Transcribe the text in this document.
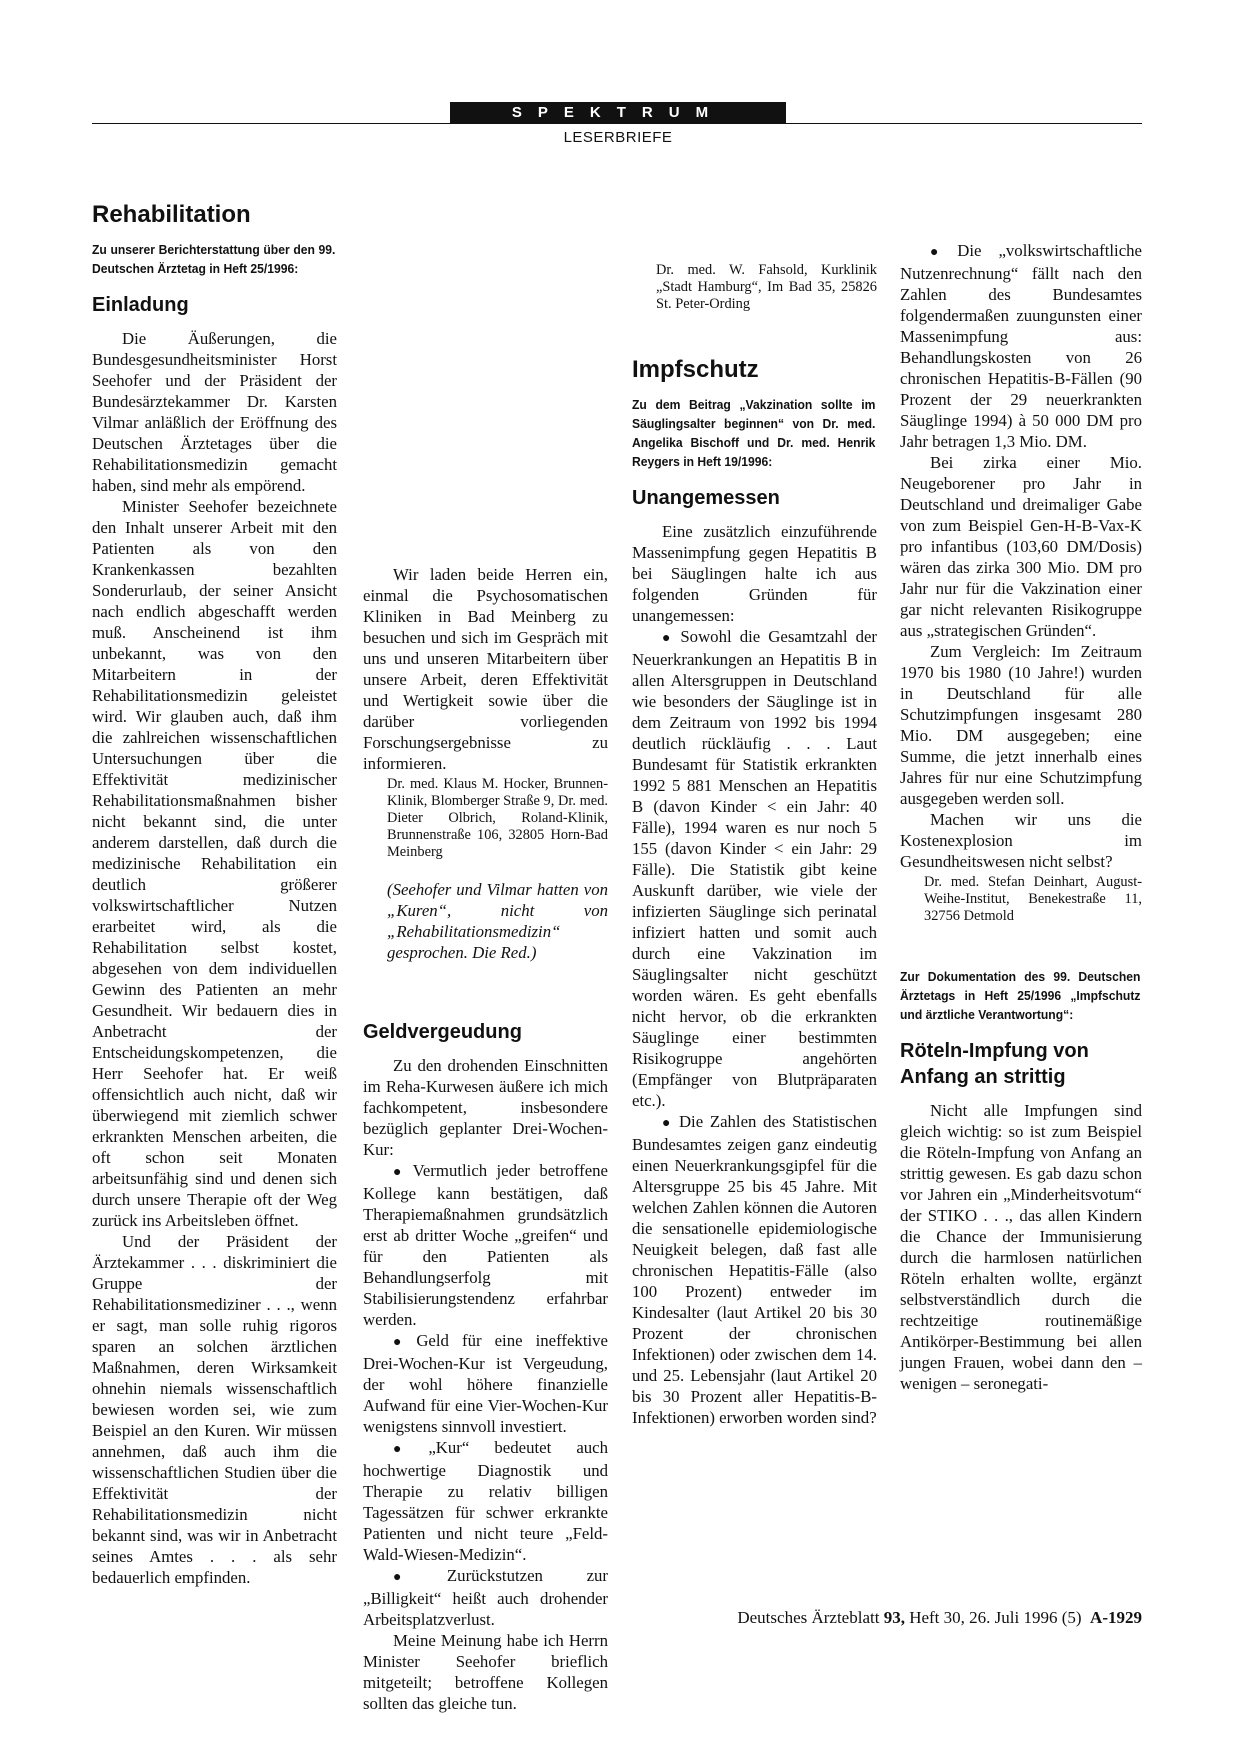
SPEKTRUM
LESERBRIEFE
Rehabilitation
Zu unserer Berichterstattung über den 99. Deutschen Ärztetag in Heft 25/1996:
Einladung

Die Äußerungen, die Bundesgesundheitsminister Horst Seehofer und der Präsident der Bundesärztekammer Dr. Karsten Vilmar anläßlich der Eröffnung des Deutschen Ärztetages über die Rehabilitationsmedizin gemacht haben, sind mehr als empörend.

Minister Seehofer bezeichnete den Inhalt unserer Arbeit mit den Patienten als von den Krankenkassen bezahlten Sonderurlaub, der seiner Ansicht nach endlich abgeschafft werden muß. Anscheinend ist ihm unbekannt, was von den Mitarbeitern in der Rehabilitationsmedizin geleistet wird. Wir glauben auch, daß ihm die zahlreichen wissenschaftlichen Untersuchungen über die Effektivität medizinischer Rehabilitationsmaßnahmen bisher nicht bekannt sind, die unter anderem darstellen, daß durch die medizinische Rehabilitation ein deutlich größerer volkswirtschaftlicher Nutzen erarbeitet wird, als die Rehabilitation selbst kostet, abgesehen von dem individuellen Gewinn des Patienten an mehr Gesundheit. Wir bedauern dies in Anbetracht der Entscheidungskompetenzen, die Herr Seehofer hat. Er weiß offensichtlich auch nicht, daß wir überwiegend mit ziemlich schwer erkrankten Menschen arbeiten, die oft schon seit Monaten arbeitsunfähig sind und denen sich durch unsere Therapie oft der Weg zurück ins Arbeitsleben öffnet.

Und der Präsident der Ärztekammer . . . diskriminiert die Gruppe der Rehabilitationsmediziner . . ., wenn er sagt, man solle ruhig rigoros sparen an solchen ärztlichen Maßnahmen, deren Wirksamkeit ohnehin niemals wissenschaftlich bewiesen worden sei, wie zum Beispiel an den Kuren. Wir müssen annehmen, daß auch ihm die wissenschaftlichen Studien über die Effektivität der Rehabilitationsmedizin nicht bekannt sind, was wir in Anbetracht seines Amtes . . . als sehr bedauerlich empfinden.

Wir laden beide Herren ein, einmal die Psychosomatischen Kliniken in Bad Meinberg zu besuchen und sich im Gespräch mit uns und unseren Mitarbeitern über unsere Arbeit, deren Effektivität und Wertigkeit sowie über die darüber vorliegenden Forschungsergebnisse zu informieren.

Dr. med. Klaus M. Hocker, Brunnen-Klinik, Blomberger Straße 9, Dr. med. Dieter Olbrich, Roland-Klinik, Brunnenstraße 106, 32805 Horn-Bad Meinberg

(Seehofer und Vilmar hatten von „Kuren“, nicht von „Rehabilitationsmedizin“ gesprochen. Die Red.)

Geldvergeudung

Zu den drohenden Einschnitten im Reha-Kurwesen äußere ich mich fachkompetent, insbesondere bezüglich geplanter Drei-Wochen-Kur:

● Vermutlich jeder betroffene Kollege kann bestätigen, daß Therapiemaßnahmen grundsätzlich erst ab dritter Woche „greifen“ und für den Patienten als Behandlungserfolg mit Stabilisierungstendenz erfahrbar werden.

● Geld für eine ineffektive Drei-Wochen-Kur ist Vergeudung, der wohl höhere finanzielle Aufwand für eine Vier-Wochen-Kur wenigstens sinnvoll investiert.

● „Kur“ bedeutet auch hochwertige Diagnostik und Therapie zu relativ billigen Tagessätzen für schwer erkrankte Patienten und nicht teure „Feld-Wald-Wiesen-Medizin“.

● Zurückstutzen zur „Billigkeit“ heißt auch drohender Arbeitsplatzverlust.

Meine Meinung habe ich Herrn Minister Seehofer brieflich mitgeteilt; betroffene Kollegen sollten das gleiche tun.

Dr. med. W. Fahsold, Kurklinik „Stadt Hamburg“, Im Bad 35, 25826 St. Peter-Ording

Impfschutz
Zu dem Beitrag „Vakzination sollte im Säuglingsalter beginnen“ von Dr. med. Angelika Bischoff und Dr. med. Henrik Reygers in Heft 19/1996:
Unangemessen

Eine zusätzlich einzuführende Massenimpfung gegen Hepatitis B bei Säuglingen halte ich aus folgenden Gründen für unangemessen:

● Sowohl die Gesamtzahl der Neuerkrankungen an Hepatitis B in allen Altersgruppen in Deutschland wie besonders der Säuglinge ist in dem Zeitraum von 1992 bis 1994 deutlich rückläufig . . . Laut Bundesamt für Statistik erkrankten 1992 5 881 Menschen an Hepatitis B (davon Kinder < ein Jahr: 40 Fälle), 1994 waren es nur noch 5 155 (davon Kinder < ein Jahr: 29 Fälle). Die Statistik gibt keine Auskunft darüber, wie viele der infizierten Säuglinge sich perinatal infiziert hatten und somit auch durch eine Vakzination im Säuglingsalter nicht geschützt worden wären. Es geht ebenfalls nicht hervor, ob die erkrankten Säuglinge einer bestimmten Risikogruppe angehörten (Empfänger von Blutpräparaten etc.).

● Die Zahlen des Statistischen Bundesamtes zeigen ganz eindeutig einen Neuerkrankungsgipfel für die Altersgruppe 25 bis 45 Jahre. Mit welchen Zahlen können die Autoren die sensationelle epidemiologische Neuigkeit belegen, daß fast alle chronischen Hepatitis-Fälle (also 100 Prozent) entweder im Kindesalter (laut Artikel 20 bis 30 Prozent der chronischen Infektionen) oder zwischen dem 14. und 25. Lebensjahr (laut Artikel 20 bis 30 Prozent aller Hepatitis-B-Infektionen) erworben worden sind?

● Die „volkswirtschaftliche Nutzenrechnung“ fällt nach den Zahlen des Bundesamtes folgendermaßen zuungunsten einer Massenimpfung aus: Behandlungskosten von 26 chronischen Hepatitis-B-Fällen (90 Prozent der 29 neuerkrankten Säuglinge 1994) à 50 000 DM pro Jahr betragen 1,3 Mio. DM.

Bei zirka einer Mio. Neugeborener pro Jahr in Deutschland und dreimaliger Gabe von zum Beispiel Gen-H-B-Vax-K pro infantibus (103,60 DM/Dosis) wären das zirka 300 Mio. DM pro Jahr nur für die Vakzination einer gar nicht relevanten Risikogruppe aus „strategischen Gründen“.

Zum Vergleich: Im Zeitraum 1970 bis 1980 (10 Jahre!) wurden in Deutschland für alle Schutzimpfungen insgesamt 280 Mio. DM ausgegeben; eine Summe, die jetzt innerhalb eines Jahres für nur eine Schutzimpfung ausgegeben werden soll.

Machen wir uns die Kostenexplosion im Gesundheitswesen nicht selbst?

Dr. med. Stefan Deinhart, August-Weihe-Institut, Benekestraße 11, 32756 Detmold

Zur Dokumentation des 99. Deutschen Ärztetags in Heft 25/1996 „Impfschutz und ärztliche Verantwortung“:
Röteln-Impfung von Anfang an strittig

Nicht alle Impfungen sind gleich wichtig: so ist zum Beispiel die Röteln-Impfung von Anfang an strittig gewesen. Es gab dazu schon vor Jahren ein „Minderheitsvotum“ der STIKO . . ., das allen Kindern die Chance der Immunisierung durch die harmlosen natürlichen Röteln erhalten wollte, ergänzt selbstverständlich durch die rechtzeitige routinemäßige Antikörper-Bestimmung bei allen jungen Frauen, wobei dann den – wenigen – seronegati-

Deutsches Ärzteblatt 93, Heft 30, 26. Juli 1996 (5) A-1929
